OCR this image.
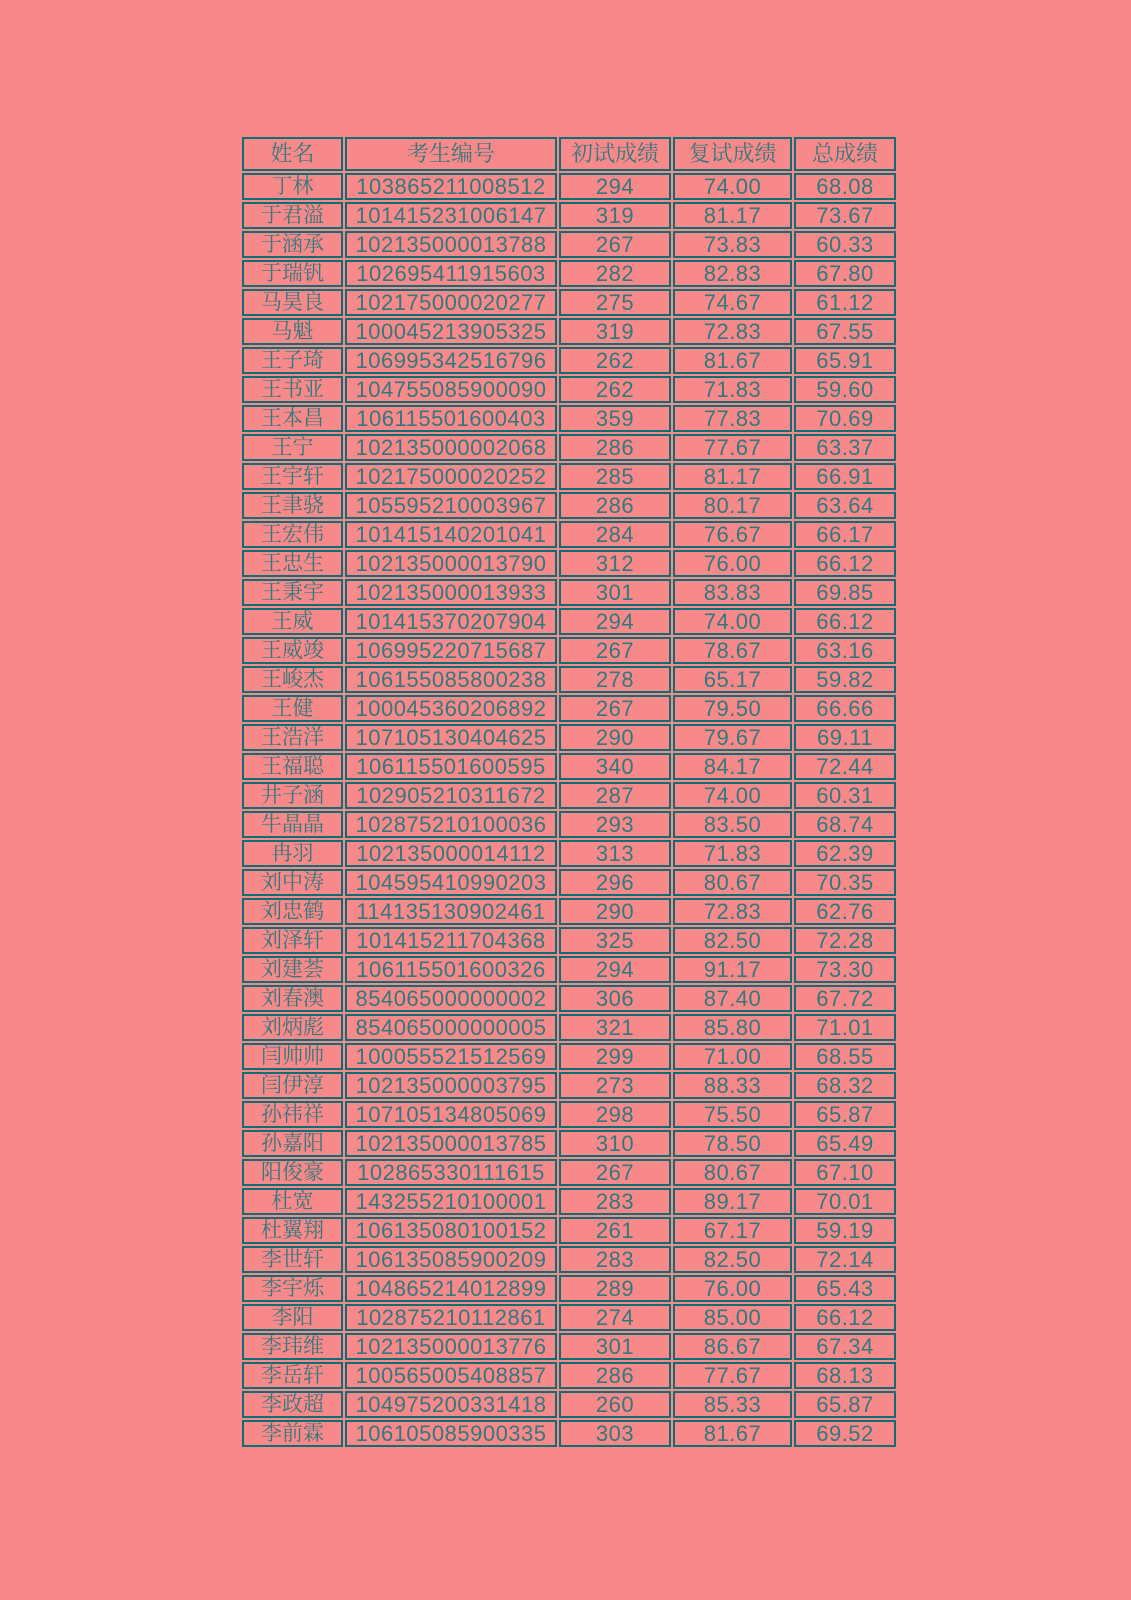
姓名	考生编号	初试成绩	复试成绩	总成绩
丁林	103865211008512	294	74.00	68.08
于君溢	101415231006147	319	81.17	73.67
于涵承	102135000013788	267	73.83	60.33
于瑞钒	102695411915603	282	82.83	67.80
马昊良	102175000020277	275	74.67	61.12
马魁	100045213905325	319	72.83	67.55
王子琦	106995342516796	262	81.67	65.91
王书亚	104755085900090	262	71.83	59.60
王本昌	106115501600403	359	77.83	70.69
王宁	102135000002068	286	77.67	63.37
王宇轩	102175000020252	285	81.17	66.91
王聿骁	105595210003967	286	80.17	63.64
王宏伟	101415140201041	284	76.67	66.17
王忠生	102135000013790	312	76.00	66.12
王秉宇	102135000013933	301	83.83	69.85
王威	101415370207904	294	74.00	66.12
王威竣	106995220715687	267	78.67	63.16
王峻杰	106155085800238	278	65.17	59.82
王健	100045360206892	267	79.50	66.66
王浩洋	107105130404625	290	79.67	69.11
王福聪	106115501600595	340	84.17	72.44
井子涵	102905210311672	287	74.00	60.31
牛晶晶	102875210100036	293	83.50	68.74
冉羽	102135000014112	313	71.83	62.39
刘中涛	104595410990203	296	80.67	70.35
刘忠鹤	114135130902461	290	72.83	62.76
刘泽轩	101415211704368	325	82.50	72.28
刘建荟	106115501600326	294	91.17	73.30
刘春澳	854065000000002	306	87.40	67.72
刘炳彪	854065000000005	321	85.80	71.01
闫帅帅	100055521512569	299	71.00	68.55
闫伊淳	102135000003795	273	88.33	68.32
孙祎祥	107105134805069	298	75.50	65.87
孙嘉阳	102135000013785	310	78.50	65.49
阳俊豪	102865330111615	267	80.67	67.10
杜宽	143255210100001	283	89.17	70.01
杜翼翔	106135080100152	261	67.17	59.19
李世轩	106135085900209	283	82.50	72.14
李宇烁	104865214012899	289	76.00	65.43
李阳	102875210112861	274	85.00	66.12
李玮维	102135000013776	301	86.67	67.34
李岳轩	100565005408857	286	77.67	68.13
李政超	104975200331418	260	85.33	65.87
李前霖	106105085900335	303	81.67	69.52
